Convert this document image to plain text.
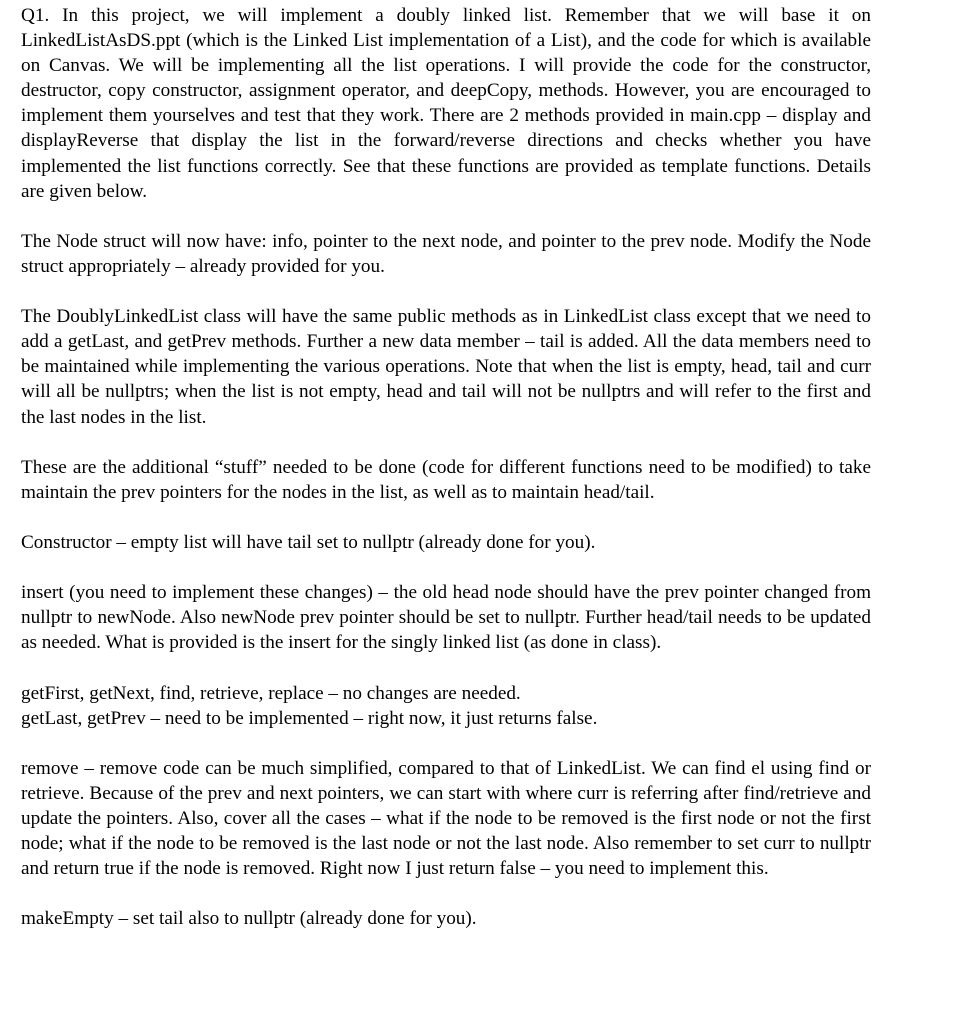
Q1. In this project, we will implement a doubly linked list. Remember that we will base it on LinkedListAsDS.ppt (which is the Linked List implementation of a List), and the code for which is available on Canvas. We will be implementing all the list operations. I will provide the code for the constructor, destructor, copy constructor, assignment operator, and deepCopy, methods. However, you are encouraged to implement them yourselves and test that they work. There are 2 methods provided in main.cpp – display and displayReverse that display the list in the forward/reverse directions and checks whether you have implemented the list functions correctly. See that these functions are provided as template functions. Details are given below.

The Node struct will now have: info, pointer to the next node, and pointer to the prev node. Modify the Node struct appropriately – already provided for you.

The DoublyLinkedList class will have the same public methods as in LinkedList class except that we need to add a getLast, and getPrev methods. Further a new data member – tail is added. All the data members need to be maintained while implementing the various operations. Note that when the list is empty, head, tail and curr will all be nullptrs; when the list is not empty, head and tail will not be nullptrs and will refer to the first and the last nodes in the list.

These are the additional “stuff” needed to be done (code for different functions need to be modified) to take maintain the prev pointers for the nodes in the list, as well as to maintain head/tail.

Constructor – empty list will have tail set to nullptr (already done for you).

insert (you need to implement these changes) – the old head node should have the prev pointer changed from nullptr to newNode. Also newNode prev pointer should be set to nullptr. Further head/tail needs to be updated as needed. What is provided is the insert for the singly linked list (as done in class).

getFirst, getNext, find, retrieve, replace – no changes are needed.

getLast, getPrev – need to be implemented – right now, it just returns false.

remove – remove code can be much simplified, compared to that of LinkedList. We can find el using find or retrieve. Because of the prev and next pointers, we can start with where curr is referring after find/retrieve and update the pointers. Also, cover all the cases – what if the node to be removed is the first node or not the first node; what if the node to be removed is the last node or not the last node. Also remember to set curr to nullptr and return true if the node is removed. Right now I just return false – you need to implement this.

makeEmpty – set tail also to nullptr (already done for you).
